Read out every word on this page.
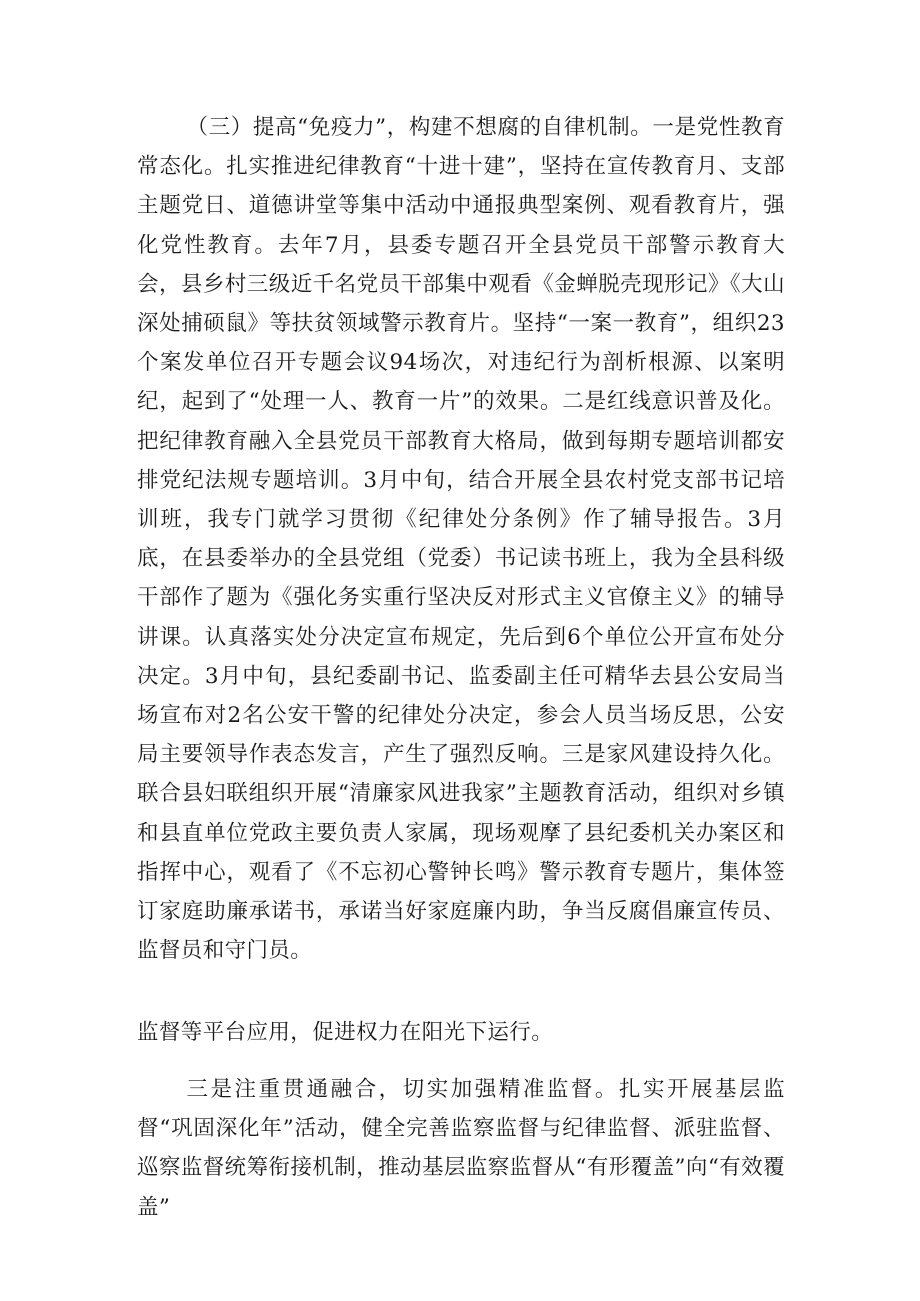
（三）提高“免疫力”，构建不想腐的自律机制。一是党性教育常态化。扎实推进纪律教育“十进十建”，坚持在宣传教育月、支部主题党日、道德讲堂等集中活动中通报典型案例、观看教育片，强化党性教育。去年7月，县委专题召开全县党员干部警示教育大会，县乡村三级近千名党员干部集中观看《金蝉脱壳现形记》《大山深处捕硕鼠》等扶贫领域警示教育片。坚持“一案一教育”，组织23个案发单位召开专题会议94场次，对违纪行为剖析根源、以案明纪，起到了“处理一人、教育一片”的效果。二是红线意识普及化。把纪律教育融入全县党员干部教育大格局，做到每期专题培训都安排党纪法规专题培训。3月中旬，结合开展全县农村党支部书记培训班，我专门就学习贯彻《纪律处分条例》作了辅导报告。3月底，在县委举办的全县党组（党委）书记读书班上，我为全县科级干部作了题为《强化务实重行坚决反对形式主义官僚主义》的辅导讲课。认真落实处分决定宣布规定，先后到6个单位公开宣布处分决定。3月中旬，县纪委副书记、监委副主任可精华去县公安局当场宣布对2名公安干警的纪律处分决定，参会人员当场反思，公安局主要领导作表态发言，产生了强烈反响。三是家风建设持久化。联合县妇联组织开展“清廉家风进我家”主题教育活动，组织对乡镇和县直单位党政主要负责人家属，现场观摩了县纪委机关办案区和指挥中心，观看了《不忘初心警钟长鸣》警示教育专题片，集体签订家庭助廉承诺书，承诺当好家庭廉内助，争当反腐倡廉宣传员、监督员和守门员。

监督等平台应用，促进权力在阳光下运行。

三是注重贯通融合，切实加强精准监督。扎实开展基层监督“巩固深化年”活动，健全完善监察监督与纪律监督、派驻监督、巡察监督统筹衔接机制，推动基层监察监督从“有形覆盖”向“有效覆盖”
